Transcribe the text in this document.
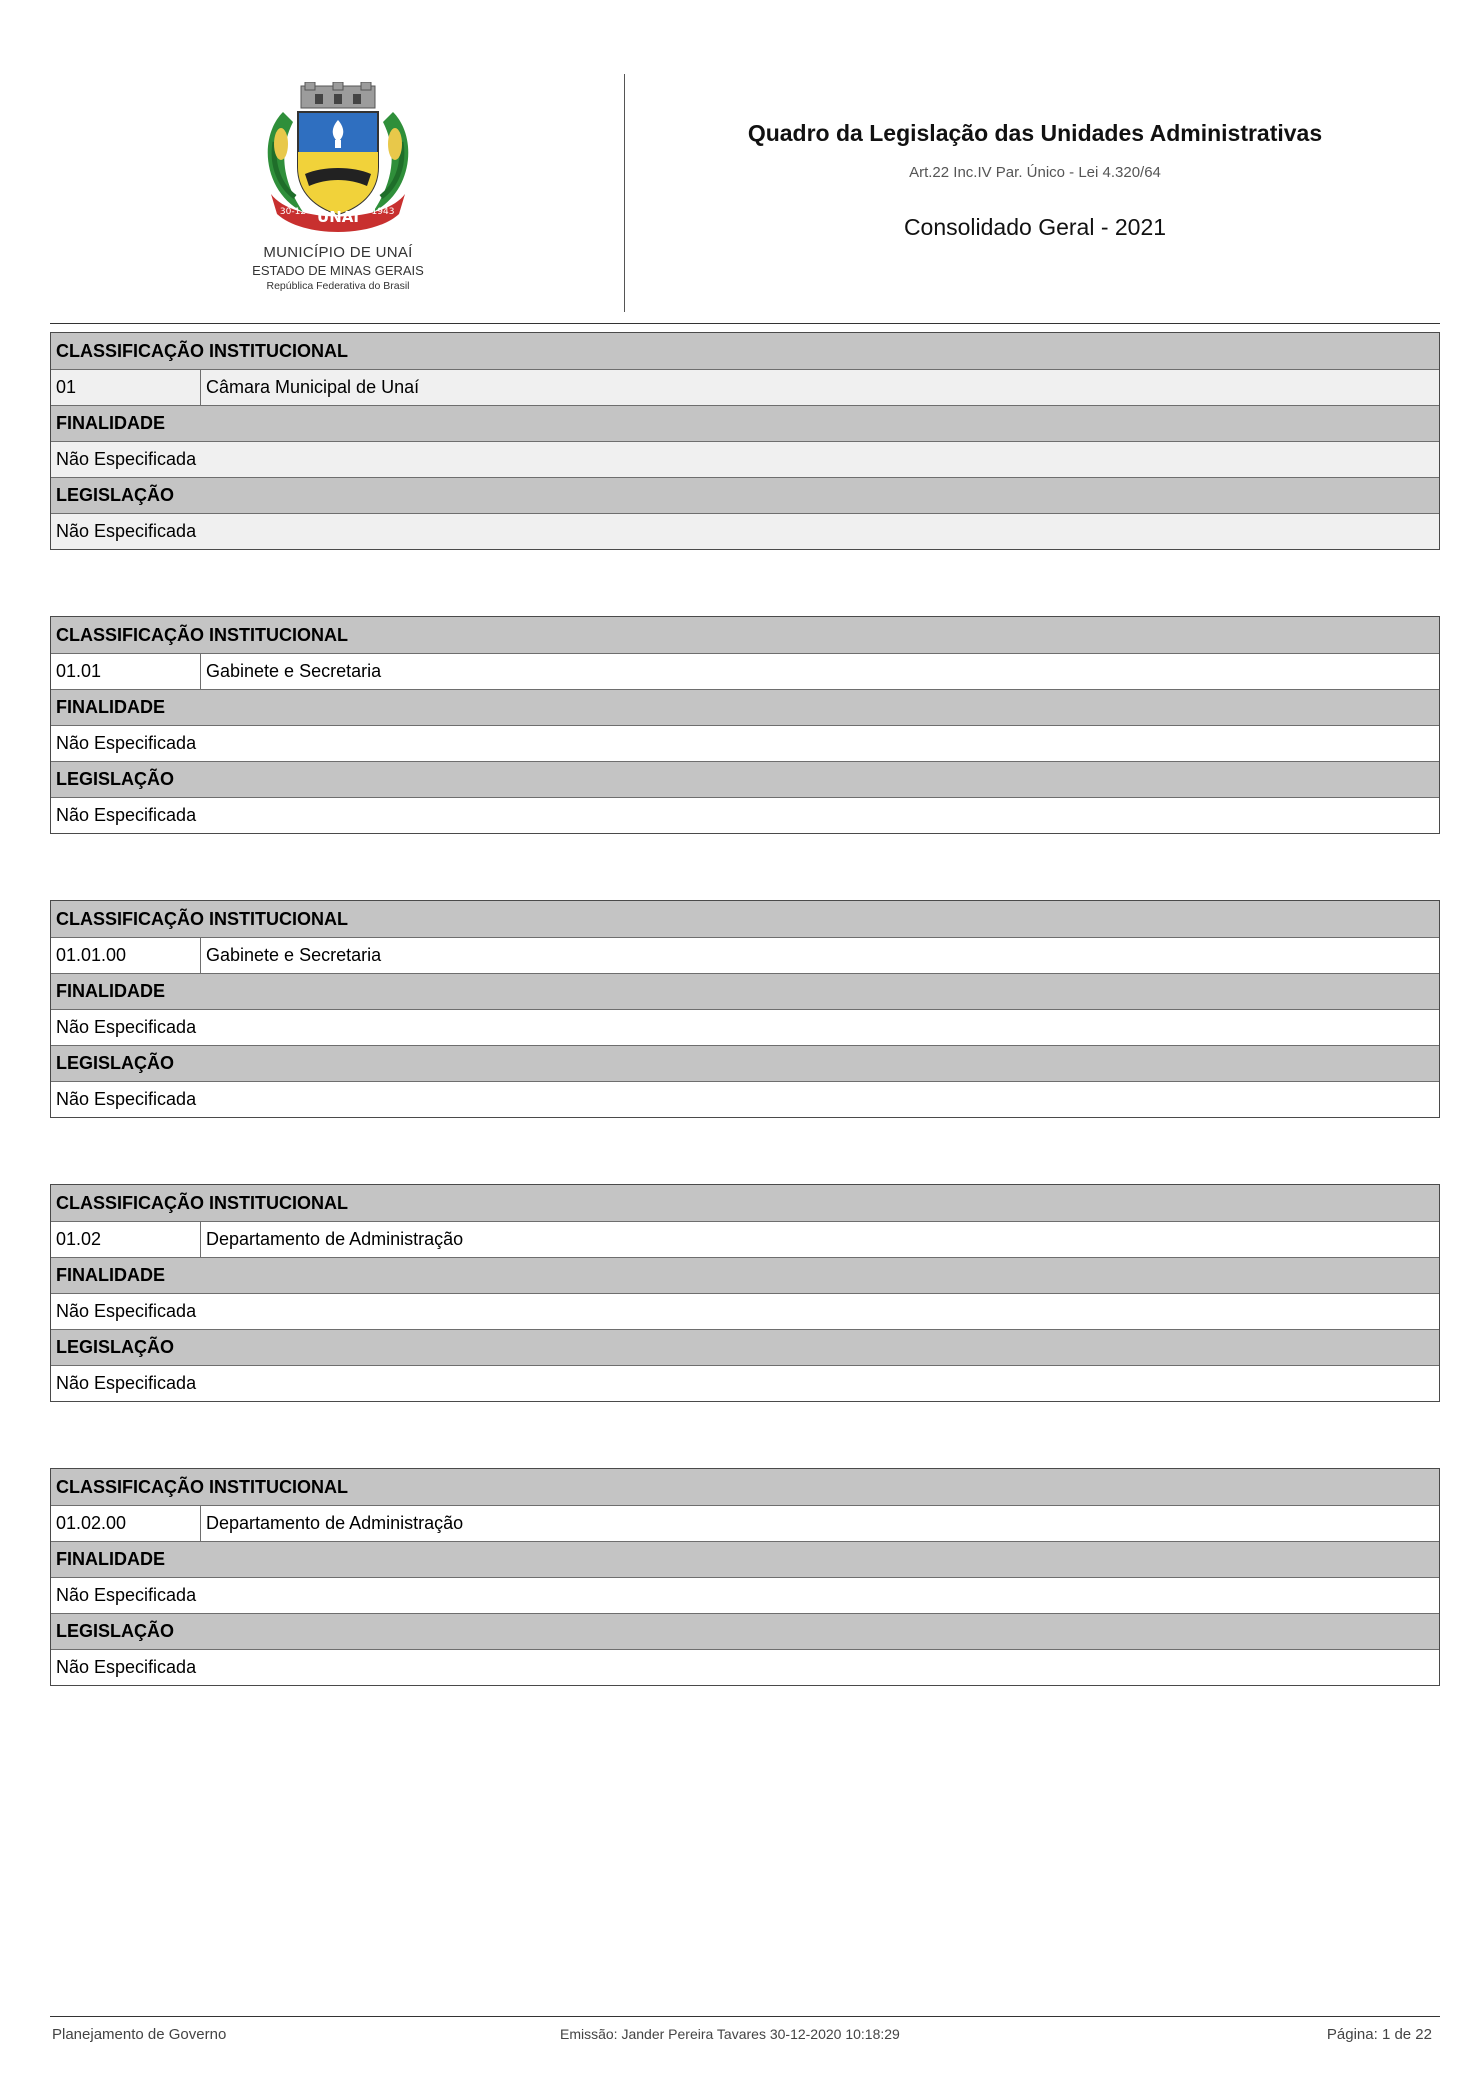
UNAÍ
30-12	1943
MUNICÍPIO DE UNAÍ
ESTADO DE MINAS GERAIS
República Federativa do Brasil
Quadro da Legislação das Unidades Administrativas
Art.22 Inc.IV Par. Único - Lei 4.320/64
Consolidado Geral - 2021
CLASSIFICAÇÃO INSTITUCIONAL
01	Câmara Municipal de Unaí
FINALIDADE
Não Especificada
LEGISLAÇÃO
Não Especificada
CLASSIFICAÇÃO INSTITUCIONAL
01.01	Gabinete e Secretaria
FINALIDADE
Não Especificada
LEGISLAÇÃO
Não Especificada
CLASSIFICAÇÃO INSTITUCIONAL
01.01.00	Gabinete e Secretaria
FINALIDADE
Não Especificada
LEGISLAÇÃO
Não Especificada
CLASSIFICAÇÃO INSTITUCIONAL
01.02	Departamento de Administração
FINALIDADE
Não Especificada
LEGISLAÇÃO
Não Especificada
CLASSIFICAÇÃO INSTITUCIONAL
01.02.00	Departamento de Administração
FINALIDADE
Não Especificada
LEGISLAÇÃO
Não Especificada
Planejamento de Governo	Emissão: Jander Pereira Tavares 30-12-2020 10:18:29	Página: 1 de 22
